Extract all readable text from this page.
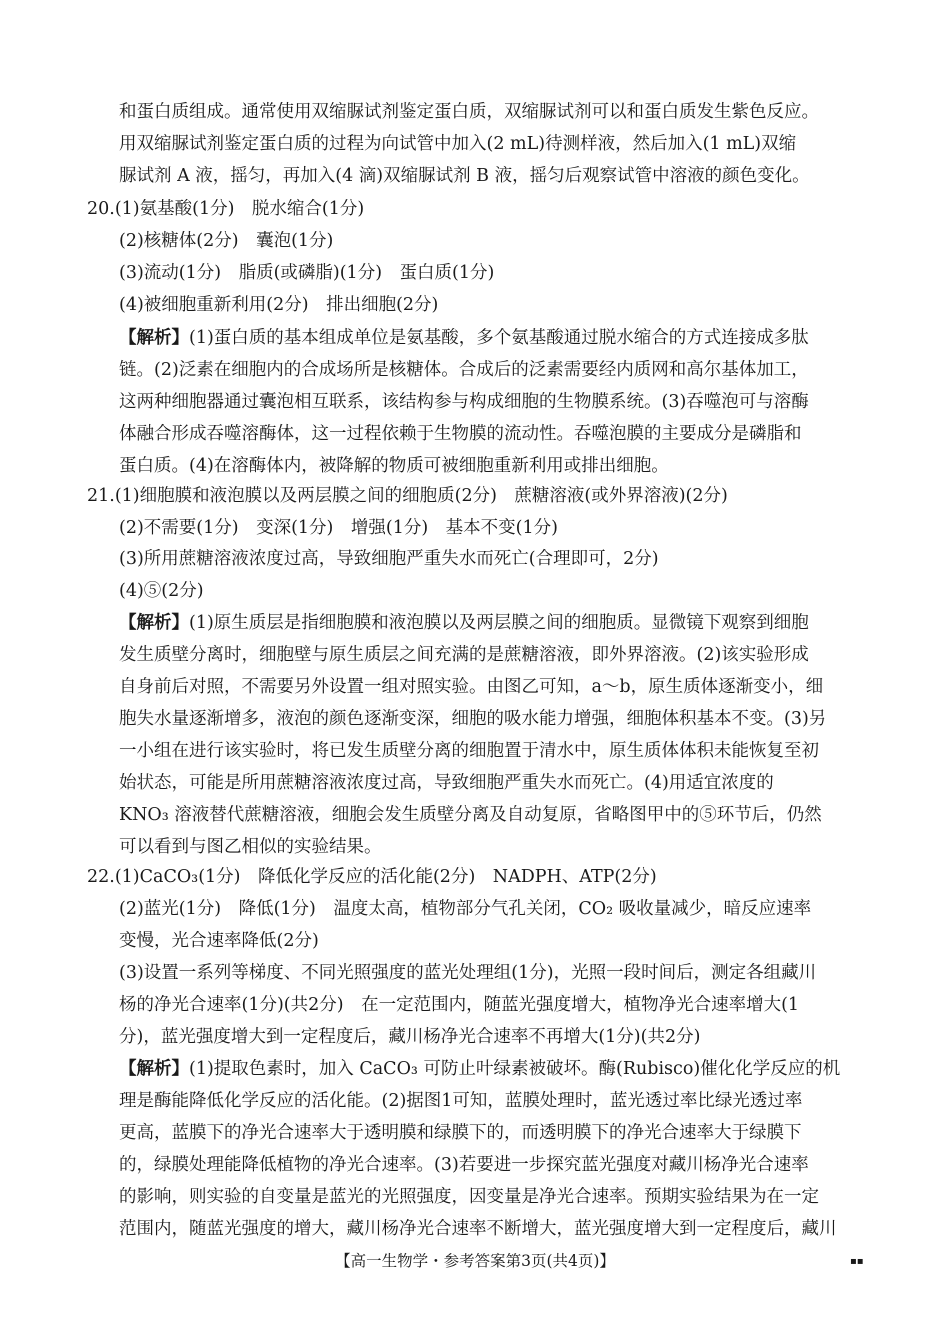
和蛋白质组成。通常使用双缩脲试剂鉴定蛋白质，双缩脲试剂可以和蛋白质发生紫色反应。
用双缩脲试剂鉴定蛋白质的过程为向试管中加入(2 mL)待测样液，然后加入(1 mL)双缩
脲试剂 A 液，摇匀，再加入(4 滴)双缩脲试剂 B 液，摇匀后观察试管中溶液的颜色变化。
20.(1)氨基酸(1分)　脱水缩合(1分)
(2)核糖体(2分)　囊泡(1分)
(3)流动(1分)　脂质(或磷脂)(1分)　蛋白质(1分)
(4)被细胞重新利用(2分)　排出细胞(2分)
【解析】(1)蛋白质的基本组成单位是氨基酸，多个氨基酸通过脱水缩合的方式连接成多肽
链。(2)泛素在细胞内的合成场所是核糖体。合成后的泛素需要经内质网和高尔基体加工，
这两种细胞器通过囊泡相互联系，该结构参与构成细胞的生物膜系统。(3)吞噬泡可与溶酶
体融合形成吞噬溶酶体，这一过程依赖于生物膜的流动性。吞噬泡膜的主要成分是磷脂和
蛋白质。(4)在溶酶体内，被降解的物质可被细胞重新利用或排出细胞。
21.(1)细胞膜和液泡膜以及两层膜之间的细胞质(2分)　蔗糖溶液(或外界溶液)(2分)
(2)不需要(1分)　变深(1分)　增强(1分)　基本不变(1分)
(3)所用蔗糖溶液浓度过高，导致细胞严重失水而死亡(合理即可，2分)
(4)⑤(2分)
【解析】(1)原生质层是指细胞膜和液泡膜以及两层膜之间的细胞质。显微镜下观察到细胞
发生质壁分离时，细胞壁与原生质层之间充满的是蔗糖溶液，即外界溶液。(2)该实验形成
自身前后对照，不需要另外设置一组对照实验。由图乙可知，a～b，原生质体逐渐变小，细
胞失水量逐渐增多，液泡的颜色逐渐变深，细胞的吸水能力增强，细胞体积基本不变。(3)另
一小组在进行该实验时，将已发生质壁分离的细胞置于清水中，原生质体体积未能恢复至初
始状态，可能是所用蔗糖溶液浓度过高，导致细胞严重失水而死亡。(4)用适宜浓度的
KNO₃ 溶液替代蔗糖溶液，细胞会发生质壁分离及自动复原，省略图甲中的⑤环节后，仍然
可以看到与图乙相似的实验结果。
22.(1)CaCO₃(1分)　降低化学反应的活化能(2分)　NADPH、ATP(2分)
(2)蓝光(1分)　降低(1分)　温度太高，植物部分气孔关闭，CO₂ 吸收量减少，暗反应速率
变慢，光合速率降低(2分)
(3)设置一系列等梯度、不同光照强度的蓝光处理组(1分)，光照一段时间后，测定各组藏川
杨的净光合速率(1分)(共2分)　在一定范围内，随蓝光强度增大，植物净光合速率增大(1
分)，蓝光强度增大到一定程度后，藏川杨净光合速率不再增大(1分)(共2分)
【解析】(1)提取色素时，加入 CaCO₃ 可防止叶绿素被破坏。酶(Rubisco)催化化学反应的机
理是酶能降低化学反应的活化能。(2)据图1可知，蓝膜处理时，蓝光透过率比绿光透过率
更高，蓝膜下的净光合速率大于透明膜和绿膜下的，而透明膜下的净光合速率大于绿膜下
的，绿膜处理能降低植物的净光合速率。(3)若要进一步探究蓝光强度对藏川杨净光合速率
的影响，则实验的自变量是蓝光的光照强度，因变量是净光合速率。预期实验结果为在一定
范围内，随蓝光强度的增大，藏川杨净光合速率不断增大，蓝光强度增大到一定程度后，藏川
【高一生物学・参考答案第3页(共4页)】	▪▪
